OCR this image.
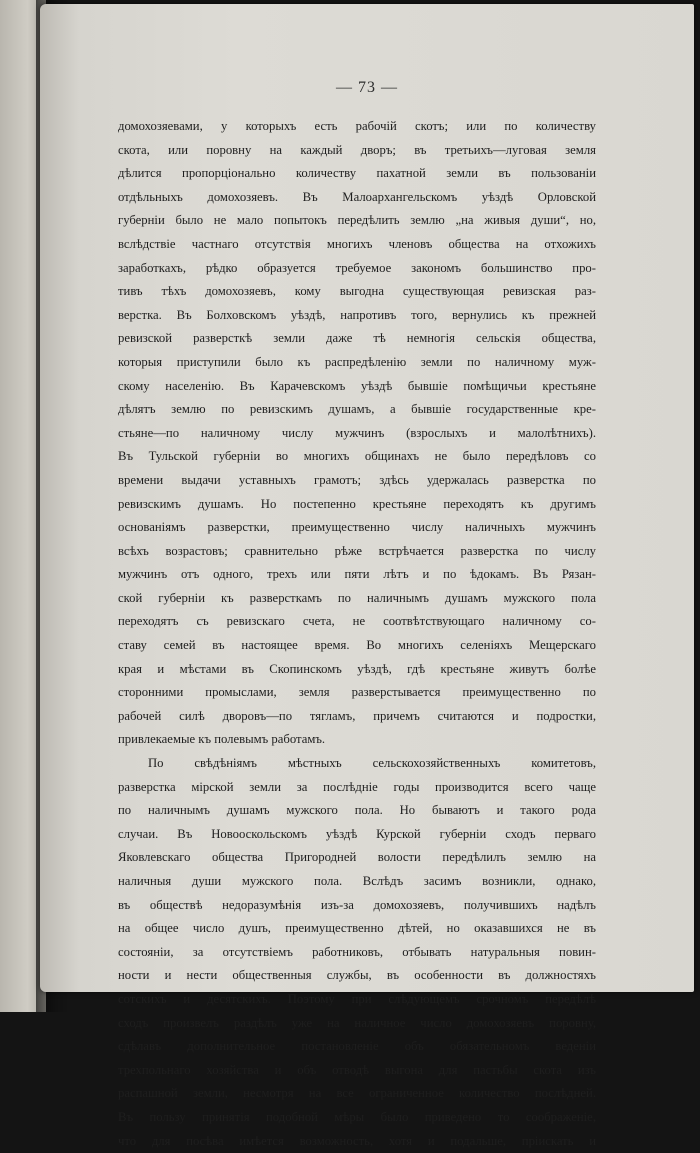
— 73 —
домохозяевами, у которыхъ есть рабочій скотъ; или по количеству
скота, или поровну на каждый дворъ; въ третьихъ—луговая земля
дѣлится пропорціонально количеству пахатной земли въ пользованіи
отдѣльныхъ домохозяевъ. Въ Малоархангельскомъ уѣздѣ Орловской
губерніи было не мало попытокъ передѣлить землю „на живыя души“, но,
вслѣдствіе частнаго отсутствія многихъ членовъ общества на отхожихъ
заработкахъ, рѣдко образуется требуемое закономъ большинство про-
тивъ тѣхъ домохозяевъ, кому выгодна существующая ревизская раз-
верстка. Въ Болховскомъ уѣздѣ, напротивъ того, вернулись къ прежней
ревизской разверсткѣ земли даже тѣ немногія сельскія общества,
которыя приступили было къ распредѣленію земли по наличному муж-
скому населенію. Въ Карачевскомъ уѣздѣ бывшіе помѣщичьи крестьяне
дѣлятъ землю по ревизскимъ душамъ, а бывшіе государственные кре-
стьяне—по наличному числу мужчинъ (взрослыхъ и малолѣтнихъ).
Въ Тульской губерніи во многихъ общинахъ не было передѣловъ со
времени выдачи уставныхъ грамотъ; здѣсь удержалась разверстка по
ревизскимъ душамъ. Но постепенно крестьяне переходятъ къ другимъ
основаніямъ разверстки, преимущественно числу наличныхъ мужчинъ
всѣхъ возрастовъ; сравнительно рѣже встрѣчается разверстка по числу
мужчинъ отъ одного, трехъ или пяти лѣтъ и по ѣдокамъ. Въ Рязан-
ской губерніи къ разверсткамъ по наличнымъ душамъ мужского пола
переходятъ съ ревизскаго счета, не соотвѣтствующаго наличному со-
ставу семей въ настоящее время. Во многихъ селеніяхъ Мещерскаго
края и мѣстами въ Скопинскомъ уѣздѣ, гдѣ крестьяне живутъ болѣе
сторонними промыслами, земля разверстывается преимущественно по
рабочей силѣ дворовъ—по тягламъ, причемъ считаются и подростки,
привлекаемые къ полевымъ работамъ.
По свѣдѣніямъ мѣстныхъ сельскохозяйственныхъ комитетовъ,
разверстка мірской земли за послѣдніе годы производится всего чаще
по наличнымъ душамъ мужского пола. Но бываютъ и такого рода
случаи. Въ Новооскольскомъ уѣздѣ Курской губерніи сходъ перваго
Яковлевскаго общества Пригородней волости передѣлилъ землю на
наличныя души мужского пола. Вслѣдъ засимъ возникли, однако,
въ обществѣ недоразумѣнія изъ-за домохозяевъ, получившихъ надѣлъ
на общее число душъ, преимущественно дѣтей, но оказавшихся не въ
состояніи, за отсутствіемъ работниковъ, отбывать натуральныя повин-
ности и нести общественныя службы, въ особенности въ должностяхъ
сотскихъ и десятскихъ. Поэтому при слѣдующемъ срочномъ передѣлѣ
сходъ произвелъ раздѣлъ уже на наличное число домохозяевъ поровну,
сдѣлавъ дополнительное постановленіе объ обязательномъ веденіи
трехпольнаго хозяйства и объ отводѣ выгона для пастьбы скота изъ
распашной земли, несмотря на все ограниченное количество послѣдней.
Въ пользу принятія подобной мѣры было приведено то соображеніе,
что для посѣва имѣется возможность, хотя и подальше, пріискать и
